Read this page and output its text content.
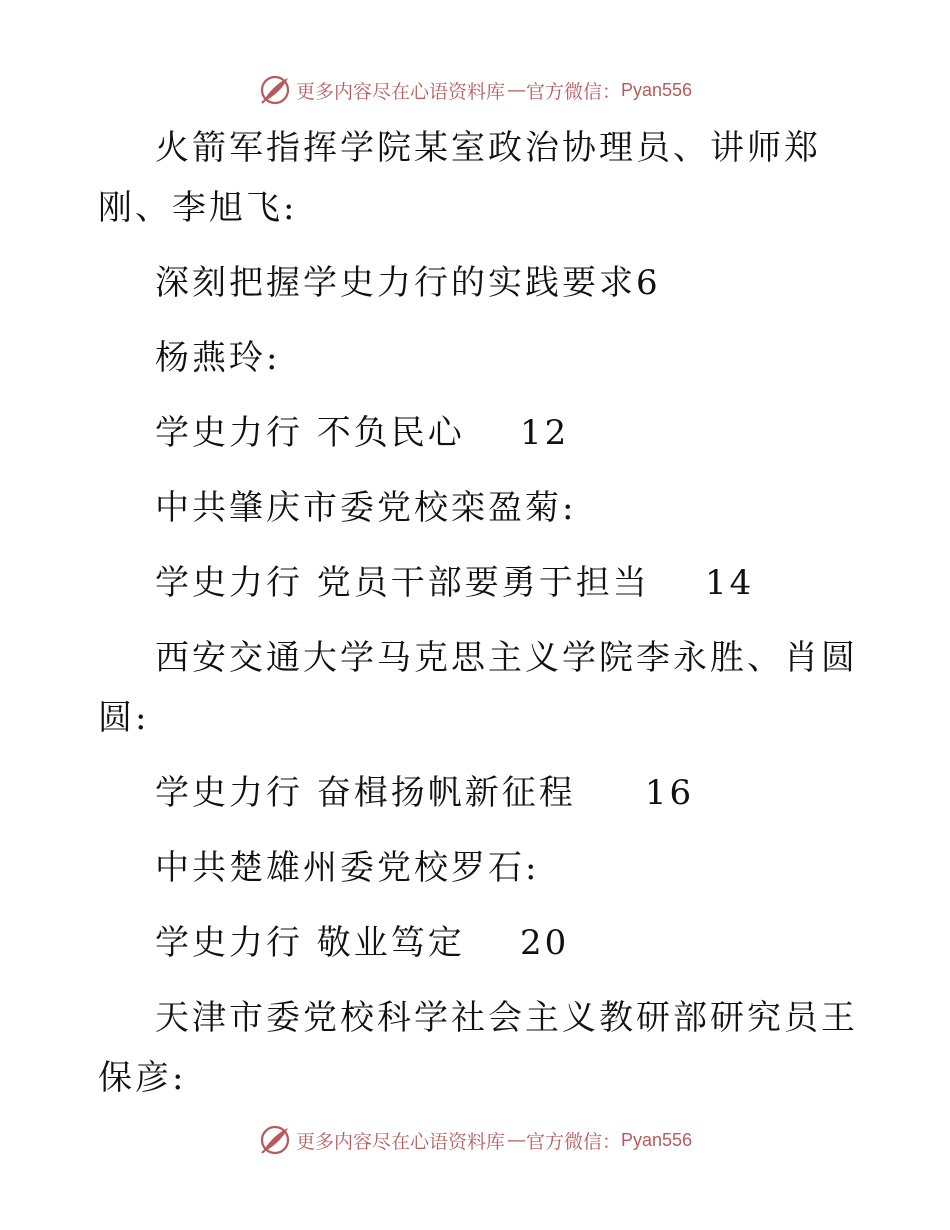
更多内容尽在心语资料库 — 官方微信： Pyan556

火箭军指挥学院某室政治协理员、讲师郑刚、李旭飞:

深刻把握学史力行的实践要求6

杨燕玲:

学史力行 不负民心    12

中共肇庆市委党校栾盈菊:

学史力行 党员干部要勇于担当    14

西安交通大学马克思主义学院李永胜、肖圆圆:

学史力行 奋楫扬帆新征程     16

中共楚雄州委党校罗石:

学史力行 敬业笃定    20

天津市委党校科学社会主义教研部研究员王保彦:

更多内容尽在心语资料库 — 官方微信： Pyan556
